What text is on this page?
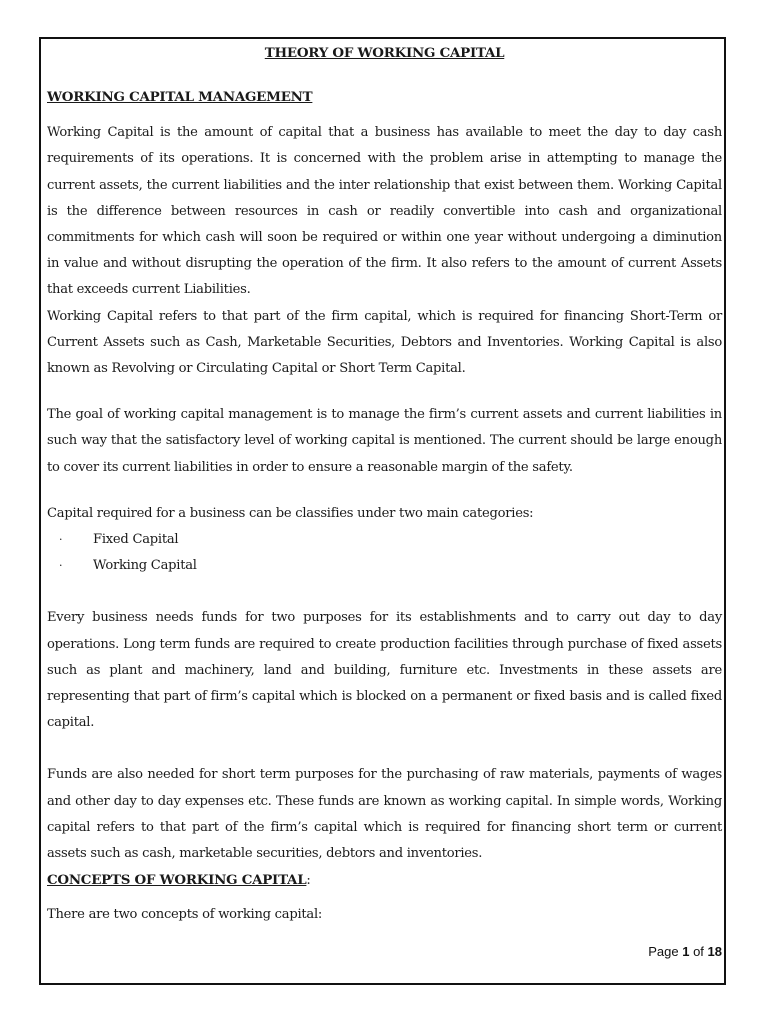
THEORY OF WORKING CAPITAL
WORKING CAPITAL MANAGEMENT

Working Capital is the amount of capital that a business has available to meet the day to day cash requirements of its operations. It is concerned with the problem arise in attempting to manage the current assets, the current liabilities and the inter relationship that exist between them. Working Capital is the difference between resources in cash or readily convertible into cash and organizational commitments for which cash will soon be required or within one year without undergoing a diminution in value and without disrupting the operation of the firm. It also refers to the amount of current Assets that exceeds current Liabilities.

Working Capital refers to that part of the firm capital, which is required for financing Short-Term or Current Assets such as Cash, Marketable Securities, Debtors and Inventories. Working Capital is also known as Revolving or Circulating Capital or Short Term Capital.

The goal of working capital management is to manage the firm’s current assets and current liabilities in such way that the satisfactory level of working capital is mentioned. The current should be large enough to cover its current liabilities in order to ensure a reasonable margin of the safety.

Capital required for a business can be classifies under two main categories:

· Fixed Capital
· Working Capital

Every business needs funds for two purposes for its establishments and to carry out day to day operations. Long term funds are required to create production facilities through purchase of fixed assets such as plant and machinery, land and building, furniture etc. Investments in these assets are representing that part of firm’s capital which is blocked on a permanent or fixed basis and is called fixed capital.

Funds are also needed for short term purposes for the purchasing of raw materials, payments of wages and other day to day expenses etc. These funds are known as working capital. In simple words, Working capital refers to that part of the firm’s capital which is required for financing short term or current assets such as cash, marketable securities, debtors and inventories.

CONCEPTS OF WORKING CAPITAL:

There are two concepts of working capital:

Page 1 of 18
